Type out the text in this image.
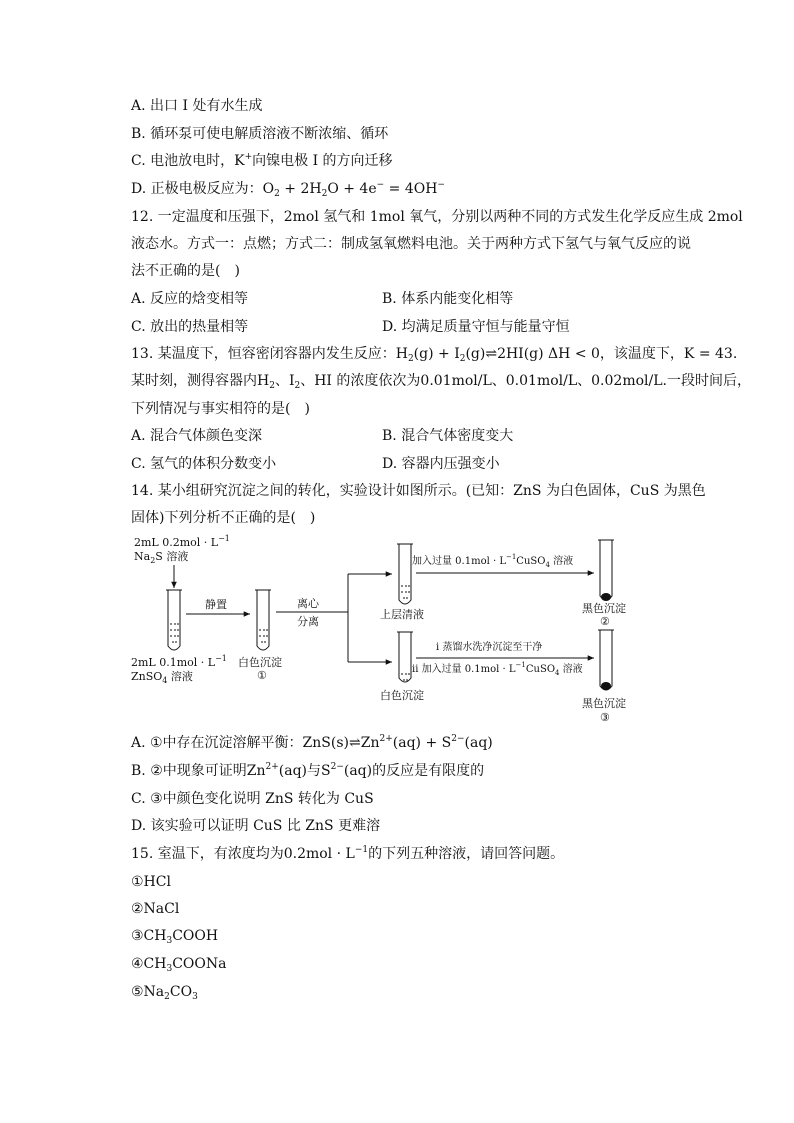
A. 出口 I 处有水生成
B. 循环泵可使电解质溶液不断浓缩、循环
C. 电池放电时，K+向镍电极 I 的方向迁移
D. 正极电极反应为：$O_2 + 2H_2O + 4e^- = 4OH^-$
12. 一定温度和压强下，2mol 氢气和 1mol 氧气，分别以两种不同的方式发生化学反应生成 2mol
液态水。方式一：点燃；方式二：制成氢氧燃料电池。关于两种方式下氢气与氧气反应的说
法不正确的是(　)
A. 反应的焓变相等	B. 体系内能变化相等
C. 放出的热量相等	D. 均满足质量守恒与能量守恒
13. 某温度下，恒容密闭容器内发生反应：$H_2(g)$ + $I_2(g)\rightleftharpoons 2HI(g) \Delta H < 0$，该温度下，K = 43.
某时刻，测得容器内$H_2$、$I_2$、HI 的浓度依次为0.01mol/L、0.01mol/L、0.02mol/L.一段时间后，
下列情况与事实相符的是(　)
A. 混合气体颜色变深	B. 混合气体密度变大
C. 氢气的体积分数变小	D. 容器内压强变小
14. 某小组研究沉淀之间的转化，实验设计如图所示。(已知：ZnS 为白色固体，CuS 为黑色
固体)下列分析不正确的是(　)
2mL $0.2mol \cdot L^{-1}$
$Na_2S$ 溶液
2mL $0.1mol \cdot L^{-1}$
ZnSO$_4$ 溶液
静置
白色沉淀
①
离心
分离
上层清液
加入过量 $0.1mol \cdot L^{-1}CuSO_4$ 溶液
黑色沉淀
②
白色沉淀
i 蒸馏水洗净沉淀至干净
ii 加入过量 $0.1mol \cdot L^{-1}CuSO_4$ 溶液
黑色沉淀
③
A. ①中存在沉淀溶解平衡：$ZnS(s)\rightleftharpoons Zn^{2+}(aq) + S^{2-}(aq)$
B. ②中现象可证明$Zn^{2+}(aq)$与$S^{2-}(aq)$的反应是有限度的
C. ③中颜色变化说明 ZnS 转化为 CuS
D. 该实验可以证明 CuS 比 ZnS 更难溶
15. 室温下，有浓度均为$0.2mol \cdot L^{-1}$的下列五种溶液，请回答问题。
①HCl
②NaCl
$③CH_3COOH$
$④CH_3COONa$
$⑤Na_2CO_3$
